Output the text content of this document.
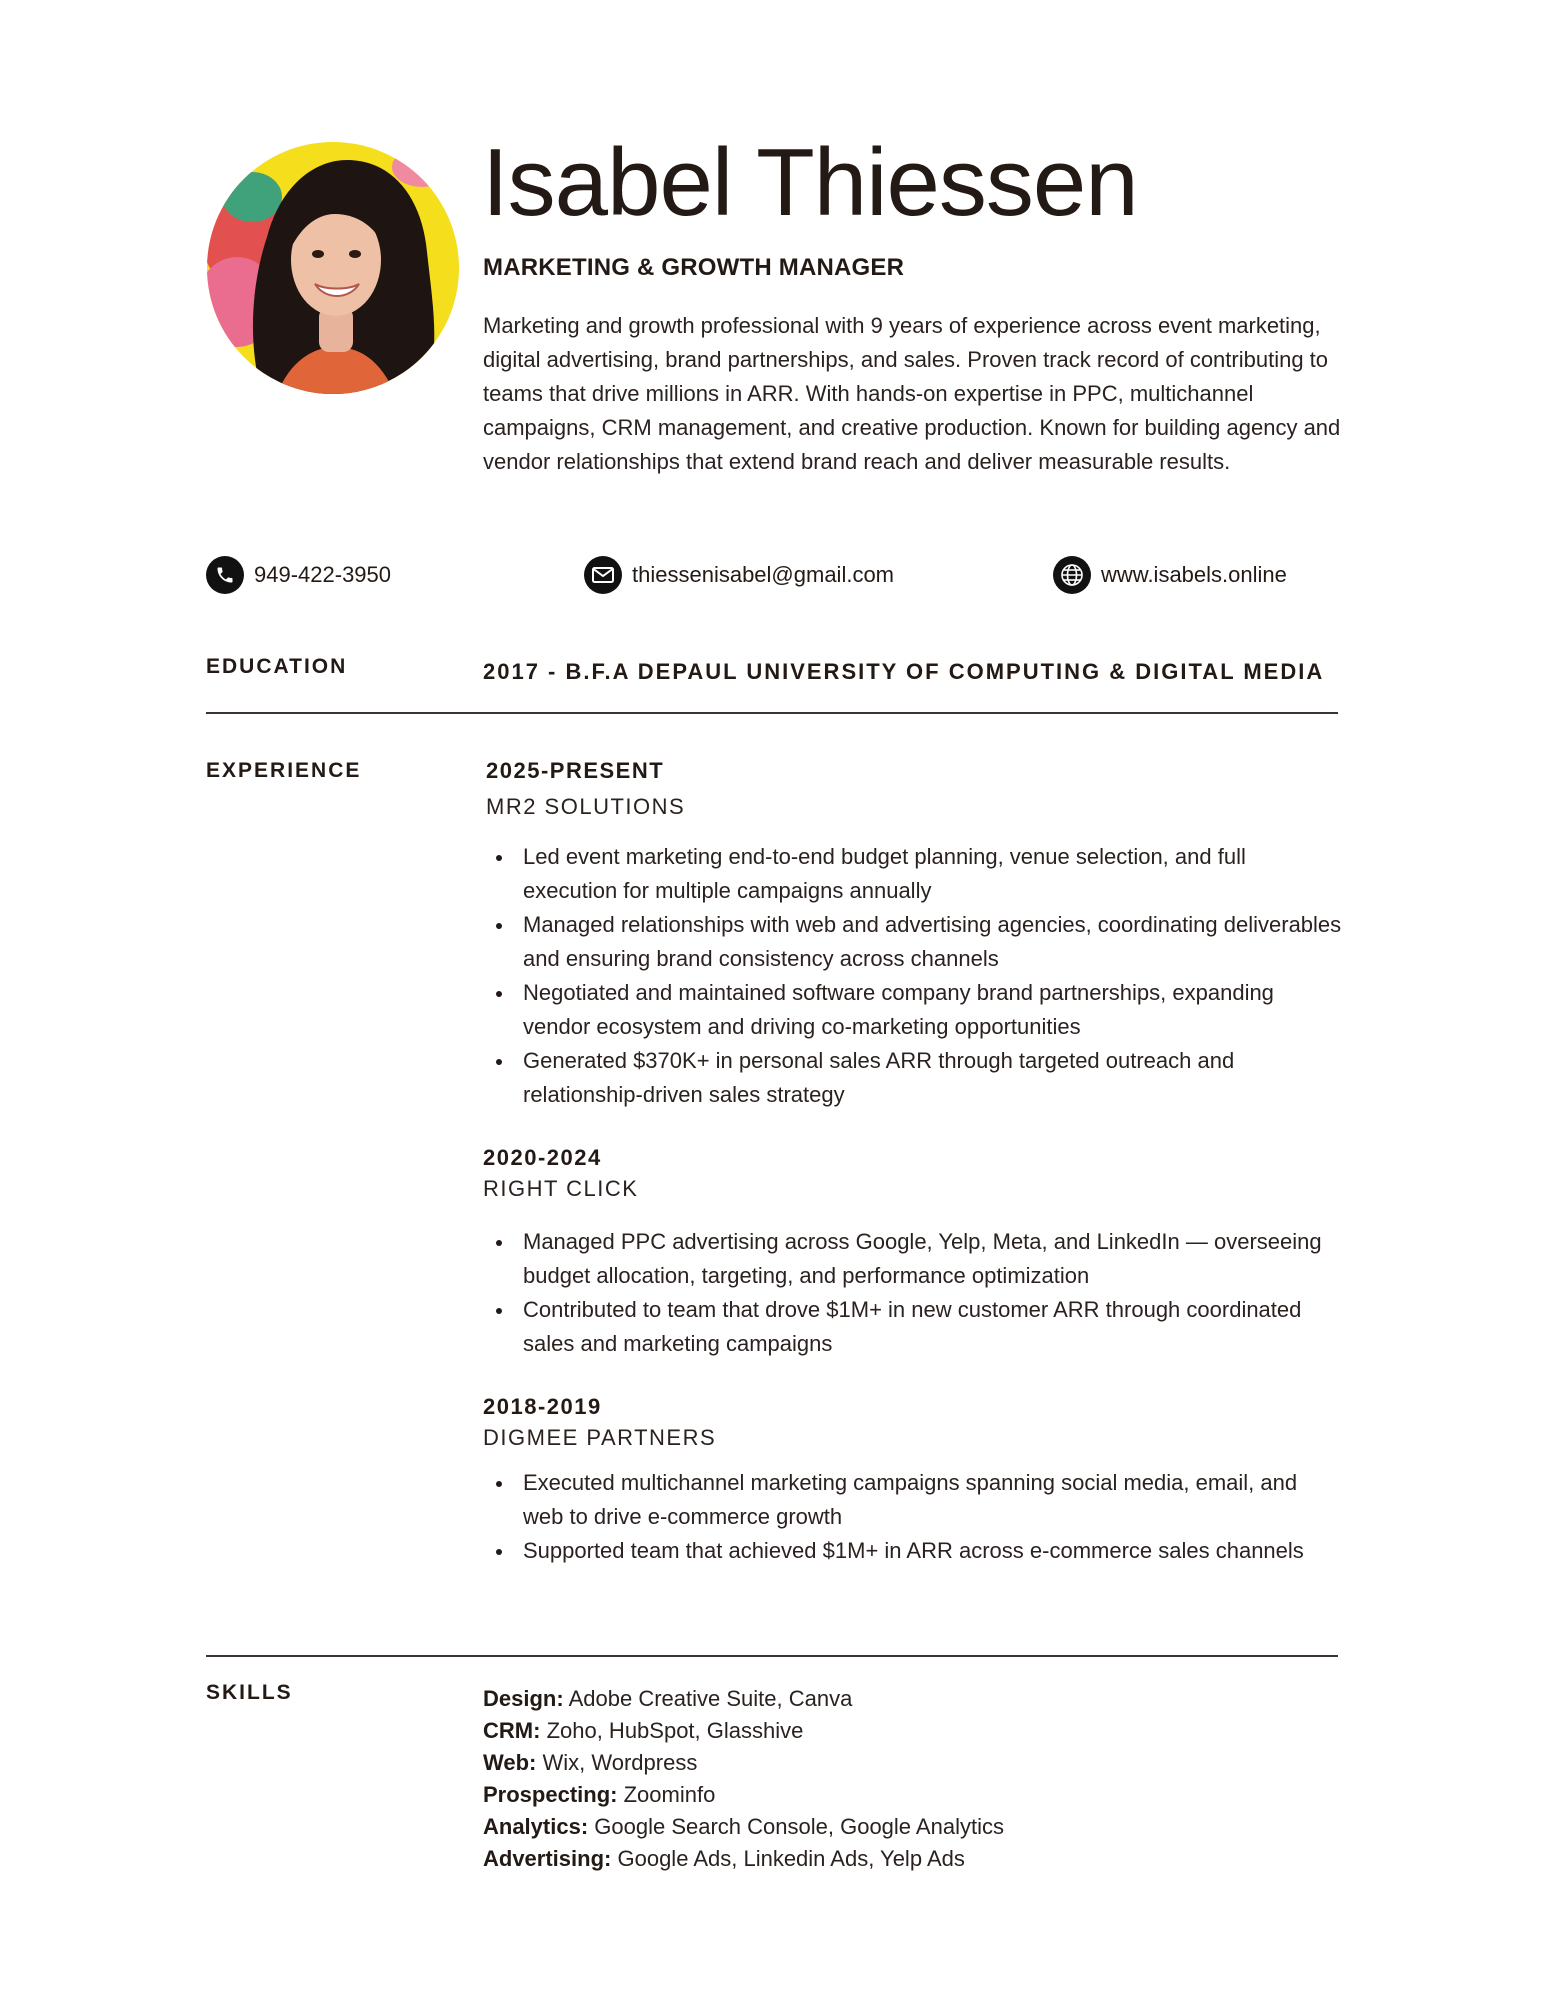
Isabel Thiessen
MARKETING & GROWTH MANAGER
Marketing and growth professional with 9 years of experience across event marketing, digital advertising, brand partnerships, and sales. Proven track record of contributing to teams that drive millions in ARR. With hands-on expertise in PPC, multichannel campaigns, CRM management, and creative production. Known for building agency and vendor relationships that extend brand reach and deliver measurable results.
949-422-3950	thiessenisabel@gmail.com	www.isabels.online
EDUCATION	2017 - B.F.A DEPAUL UNIVERSITY OF COMPUTING & DIGITAL MEDIA
EXPERIENCE	2025-PRESENT
MR2 SOLUTIONS
Led event marketing end-to-end budget planning, venue selection, and full execution for multiple campaigns annually
Managed relationships with web and advertising agencies, coordinating deliverables and ensuring brand consistency across channels
Negotiated and maintained software company brand partnerships, expanding vendor ecosystem and driving co-marketing opportunities
Generated $370K+ in personal sales ARR through targeted outreach and relationship-driven sales strategy
2020-2024
RIGHT CLICK
Managed PPC advertising across Google, Yelp, Meta, and LinkedIn — overseeing budget allocation, targeting, and performance optimization
Contributed to team that drove $1M+ in new customer ARR through coordinated sales and marketing campaigns
2018-2019
DIGMEE PARTNERS
Executed multichannel marketing campaigns spanning social media, email, and web to drive e-commerce growth
Supported team that achieved $1M+ in ARR across e-commerce sales channels
SKILLS	Design: Adobe Creative Suite, Canva
CRM: Zoho, HubSpot, Glasshive
Web: Wix, Wordpress
Prospecting: Zoominfo
Analytics: Google Search Console, Google Analytics
Advertising: Google Ads, Linkedin Ads, Yelp Ads
